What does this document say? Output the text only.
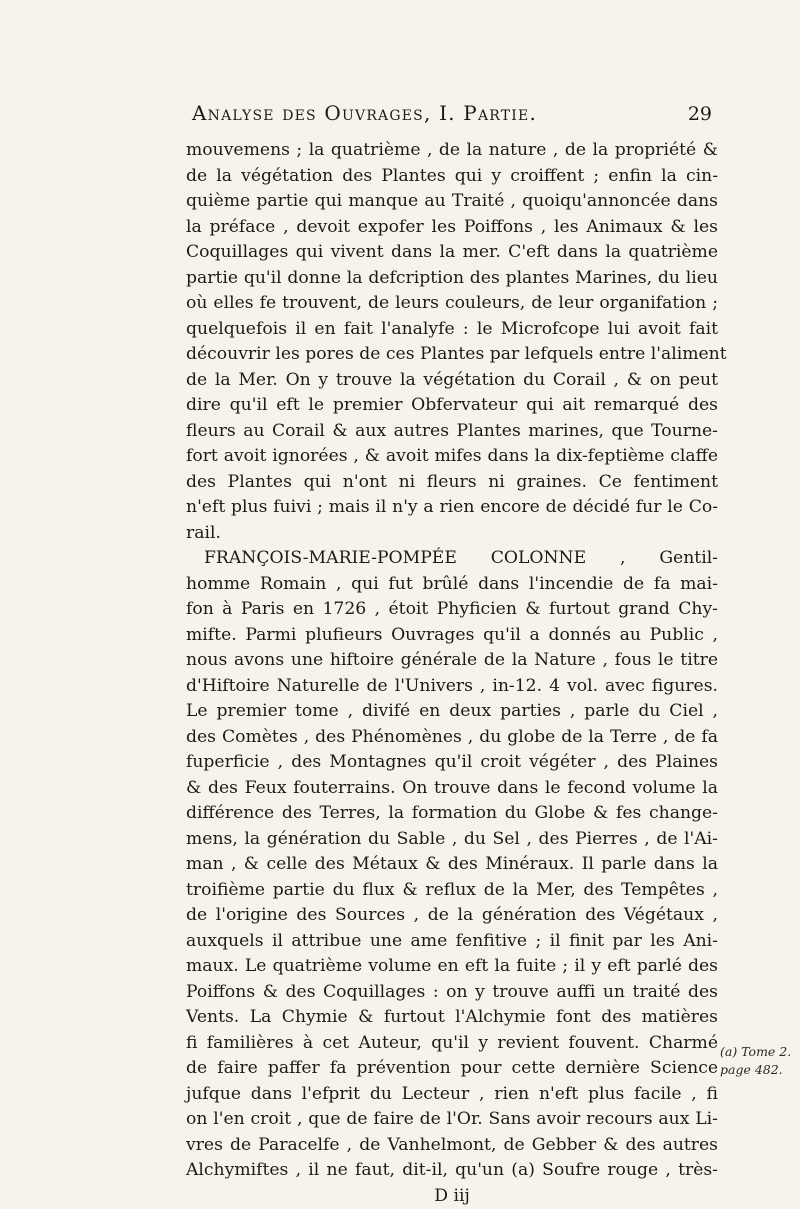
Analyse des Ouvrages, I. Partie.	29
mouvemens ; la quatrième , de la nature , de la propriété &
de la végétation des Plantes qui y croiffent ; enfin la cin-
quième partie qui manque au Traité , quoiqu'annoncée dans
la préface , devoit expofer les Poiffons , les Animaux & les
Coquillages qui vivent dans la mer. C'eft dans la quatrième
partie qu'il donne la defcription des plantes Marines, du lieu
où elles fe trouvent, de leurs couleurs, de leur organifation ;
quelquefois il en fait l'analyfe : le Microfcope lui avoit fait
découvrir les pores de ces Plantes par lefquels entre l'aliment
de la Mer. On y trouve la végétation du Corail , & on peut
dire qu'il eft le premier Obfervateur qui ait remarqué des
fleurs au Corail & aux autres Plantes marines, que Tourne-
fort avoit ignorées , & avoit mifes dans la dix-feptième claffe
des Plantes qui n'ont ni fleurs ni graines. Ce fentiment
n'eft plus fuivi ; mais il n'y a rien encore de décidé fur le Co-
rail.
FRANÇOIS-MARIE-POMPÉE COLONNE , Gentil-
homme Romain , qui fut brûlé dans l'incendie de fa mai-
fon à Paris en 1726 , étoit Phyficien & furtout grand Chy-
mifte. Parmi plufieurs Ouvrages qu'il a donnés au Public ,
nous avons une hiftoire générale de la Nature , fous le titre
d'Hiftoire Naturelle de l'Univers , in-12. 4 vol. avec figures.
Le premier tome , divifé en deux parties , parle du Ciel ,
des Comètes , des Phénomènes , du globe de la Terre , de fa
fuperficie , des Montagnes qu'il croit végéter , des Plaines
& des Feux fouterrains. On trouve dans le fecond volume la
différence des Terres, la formation du Globe & fes change-
mens, la génération du Sable , du Sel , des Pierres , de l'Ai-
man , & celle des Métaux & des Minéraux. Il parle dans la
troifième partie du flux & reflux de la Mer, des Tempêtes ,
de l'origine des Sources , de la génération des Végétaux ,
auxquels il attribue une ame fenfitive ; il finit par les Ani-
maux. Le quatrième volume en eft la fuite ; il y eft parlé des
Poiffons & des Coquillages : on y trouve auffi un traité des
Vents. La Chymie & furtout l'Alchymie font des matières
fi familières à cet Auteur, qu'il y revient fouvent. Charmé
de faire paffer fa prévention pour cette dernière Science
jufque dans l'efprit du Lecteur , rien n'eft plus facile , fi
on l'en croit , que de faire de l'Or. Sans avoir recours aux Li-
vres de Paracelfe , de Vanhelmont, de Gebber & des autres
Alchymiftes , il ne faut, dit-il, qu'un (a) Soufre rouge , très-
D iij
(a) Tome 2.
page 482.
